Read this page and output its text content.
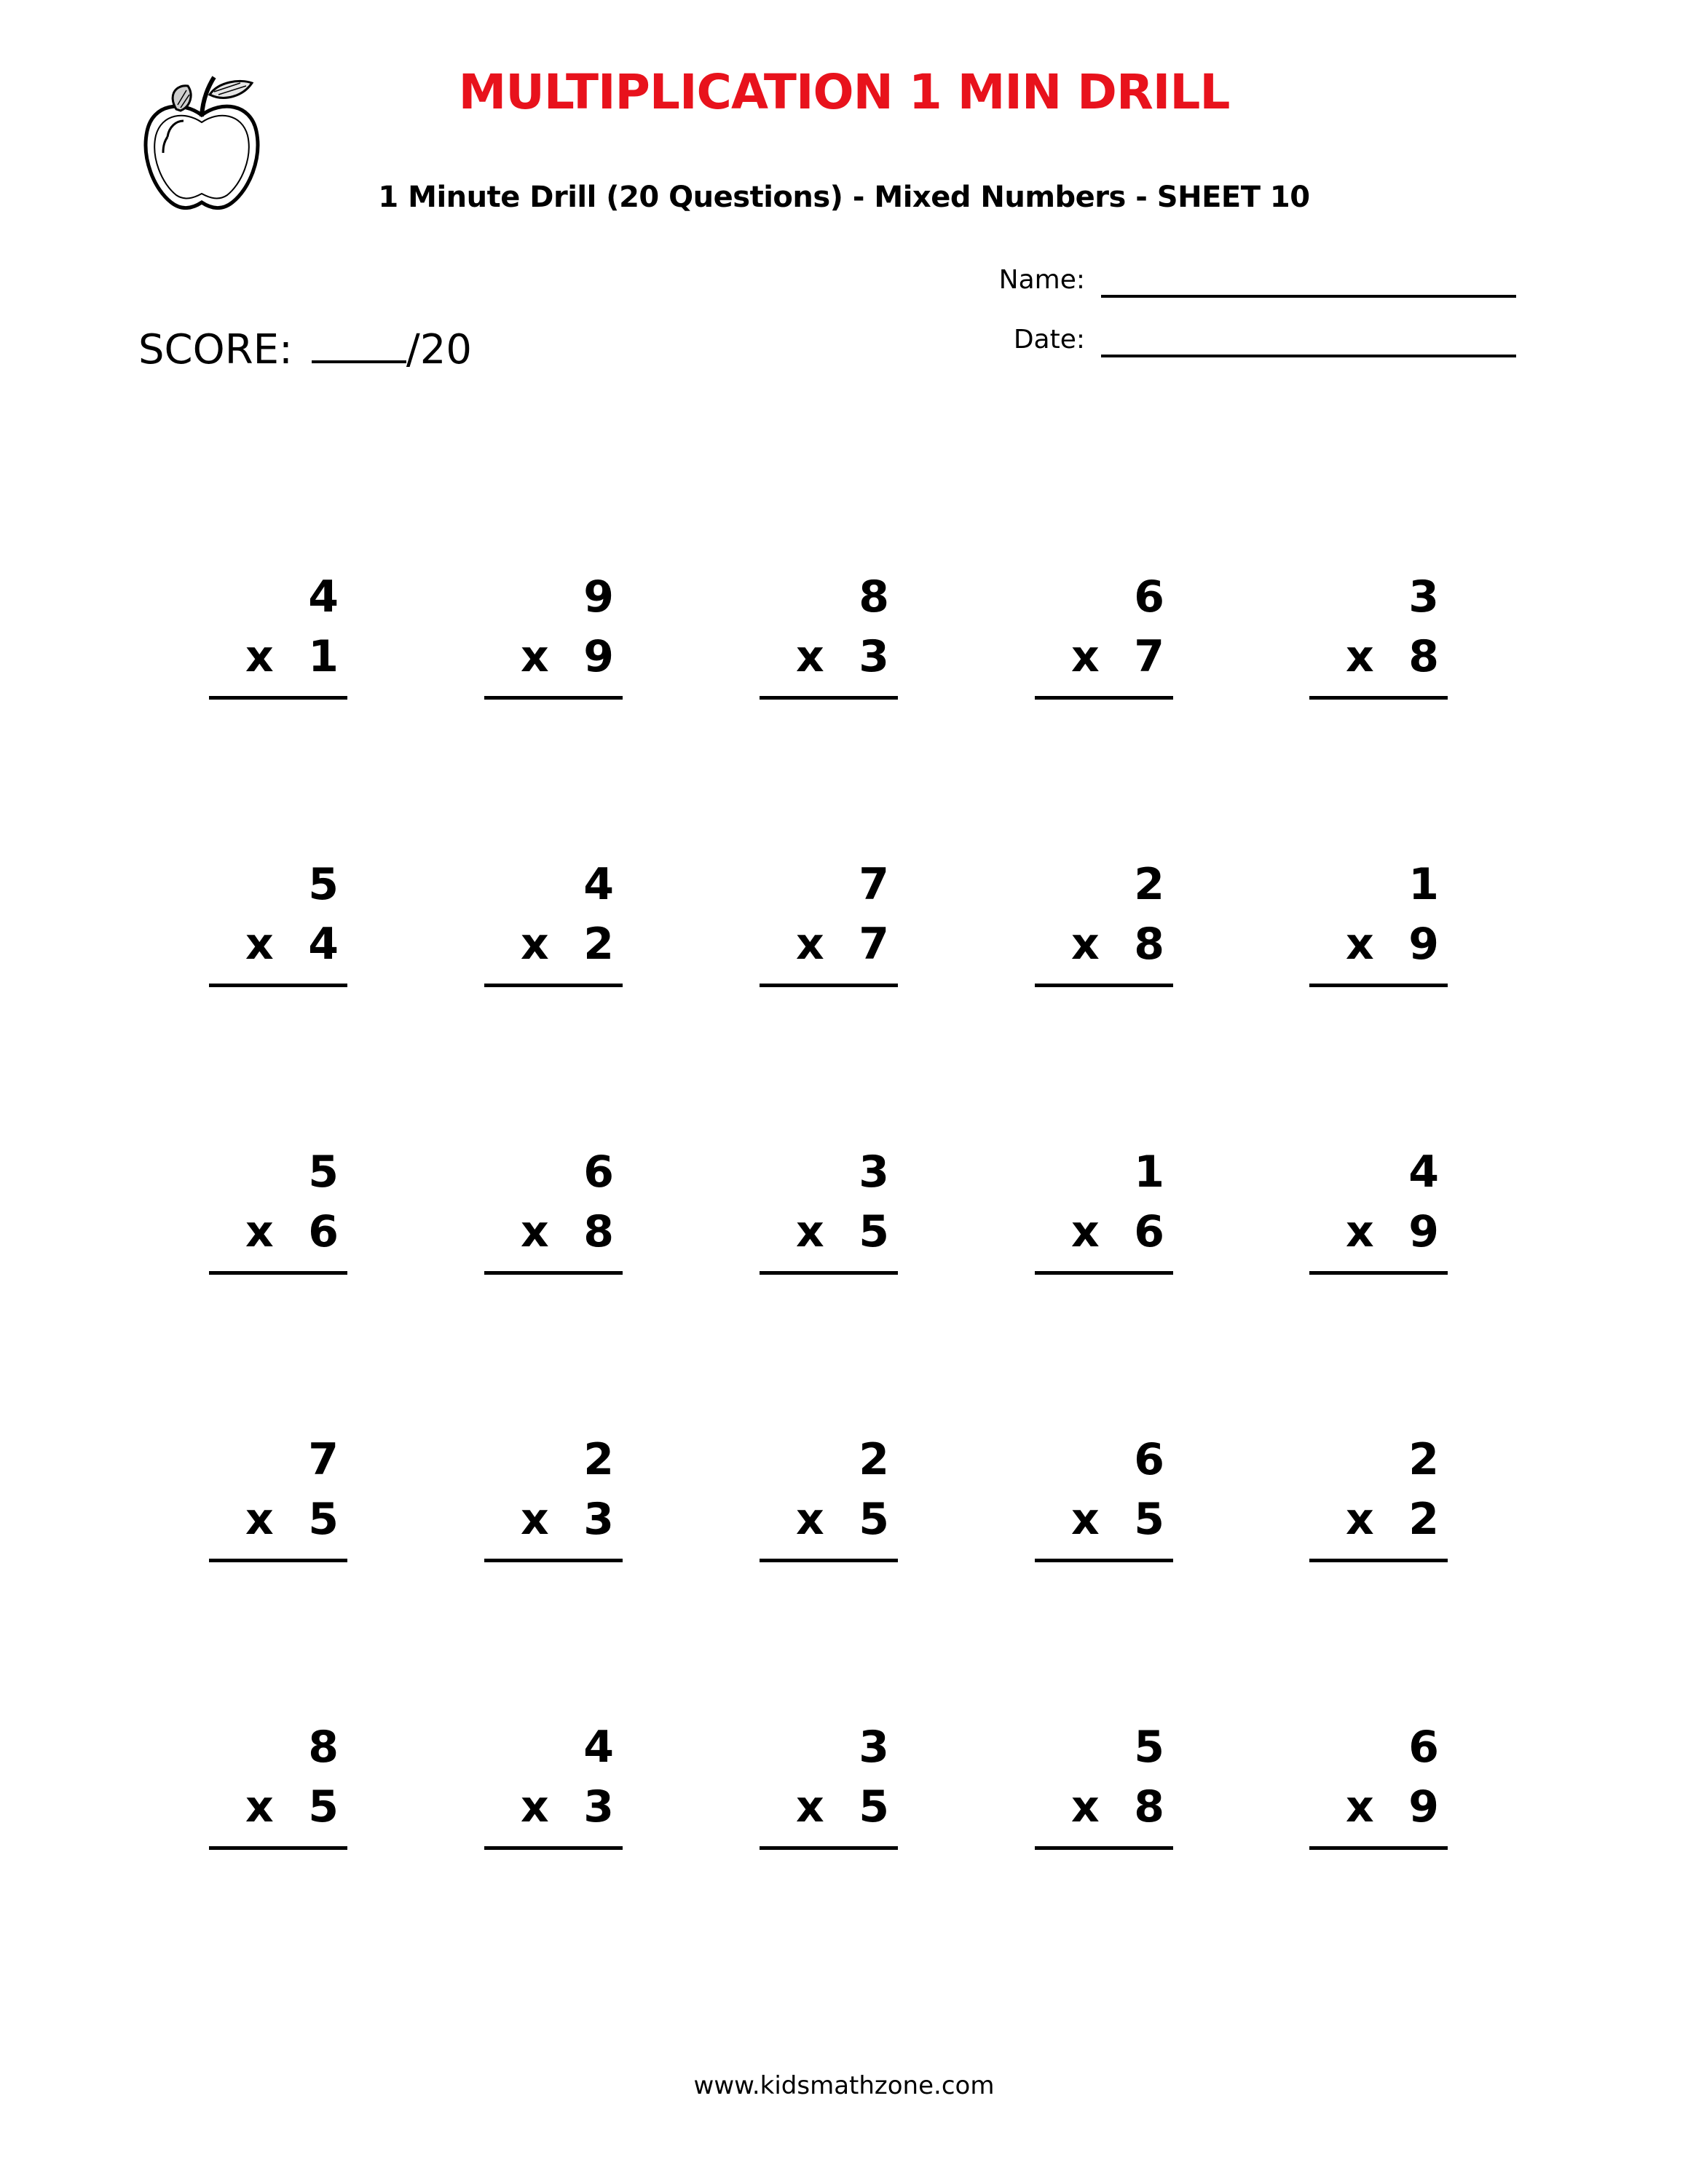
MULTIPLICATION 1 MIN DRILL
1 Minute Drill (20 Questions) - Mixed Numbers - SHEET 10
Name:
Date:
SCORE:	/20
4
x 1
9
x 9
8
x 3
6
x 7
3
x 8
5
x 4
4
x 2
7
x 7
2
x 8
1
x 9
5
x 6
6
x 8
3
x 5
1
x 6
4
x 9
7
x 5
2
x 3
2
x 5
6
x 5
2
x 2
8
x 5
4
x 3
3
x 5
5
x 8
6
x 9
www.kidsmathzone.com
